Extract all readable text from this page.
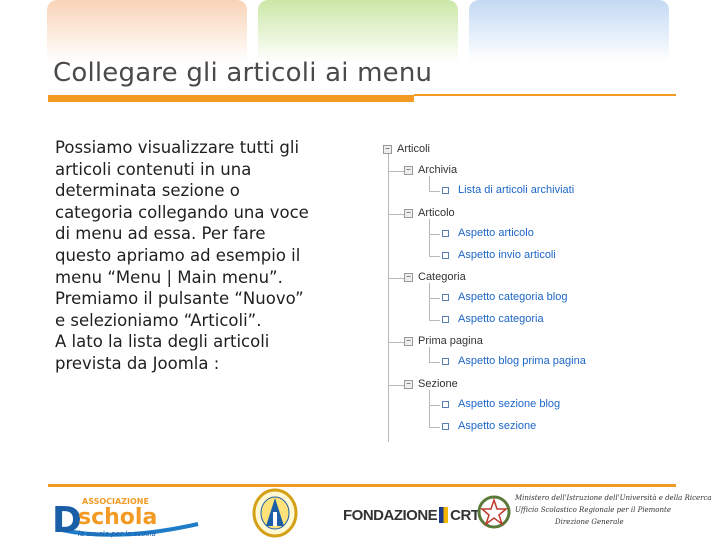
Collegare gli articoli ai menu
Possiamo visualizzare tutti gli
articoli contenuti in una
determinata sezione o
categoria collegando una voce
di menu ad essa. Per fare
questo apriamo ad esempio il
menu “Menu | Main menu”.
Premiamo il pulsante “Nuovo”
e selezioniamo “Articoli”.
A lato la lista degli articoli
prevista da Joomla :
− Articoli
− Archivia
Lista di articoli archiviati
− Articolo
Aspetto articolo
Aspetto invio articoli
− Categoria
Aspetto categoria blog
Aspetto categoria
− Prima pagina
Aspetto blog prima pagina
− Sezione
Aspetto sezione blog
Aspetto sezione
D ASSOCIAZIONE
schola
la scuola per la scuola
FONDAZIONE CRT
Ministero dell'Istruzione dell'Università e della Ricerca
Ufficio Scolastico Regionale per il Piemonte
Direzione Generale
